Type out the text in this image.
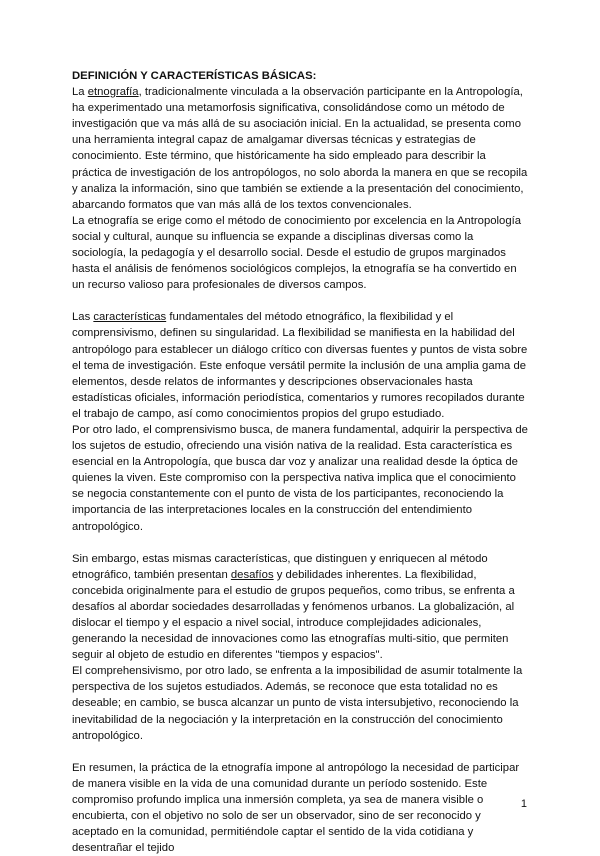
DEFINICIÓN Y CARACTERÍSTICAS BÁSICAS:

La etnografía, tradicionalmente vinculada a la observación participante en la Antropología, ha experimentado una metamorfosis significativa, consolidándose como un método de investigación que va más allá de su asociación inicial. En la actualidad, se presenta como una herramienta integral capaz de amalgamar diversas técnicas y estrategias de conocimiento. Este término, que históricamente ha sido empleado para describir la práctica de investigación de los antropólogos, no solo aborda la manera en que se recopila y analiza la información, sino que también se extiende a la presentación del conocimiento, abarcando formatos que van más allá de los textos convencionales.

La etnografía se erige como el método de conocimiento por excelencia en la Antropología social y cultural, aunque su influencia se expande a disciplinas diversas como la sociología, la pedagogía y el desarrollo social. Desde el estudio de grupos marginados hasta el análisis de fenómenos sociológicos complejos, la etnografía se ha convertido en un recurso valioso para profesionales de diversos campos.

Las características fundamentales del método etnográfico, la flexibilidad y el comprensivismo, definen su singularidad. La flexibilidad se manifiesta en la habilidad del antropólogo para establecer un diálogo crítico con diversas fuentes y puntos de vista sobre el tema de investigación. Este enfoque versátil permite la inclusión de una amplia gama de elementos, desde relatos de informantes y descripciones observacionales hasta estadísticas oficiales, información periodística, comentarios y rumores recopilados durante el trabajo de campo, así como conocimientos propios del grupo estudiado.

Por otro lado, el comprensivismo busca, de manera fundamental, adquirir la perspectiva de los sujetos de estudio, ofreciendo una visión nativa de la realidad. Esta característica es esencial en la Antropología, que busca dar voz y analizar una realidad desde la óptica de quienes la viven. Este compromiso con la perspectiva nativa implica que el conocimiento se negocia constantemente con el punto de vista de los participantes, reconociendo la importancia de las interpretaciones locales en la construcción del entendimiento antropológico.

Sin embargo, estas mismas características, que distinguen y enriquecen al método etnográfico, también presentan desafíos y debilidades inherentes. La flexibilidad, concebida originalmente para el estudio de grupos pequeños, como tribus, se enfrenta a desafíos al abordar sociedades desarrolladas y fenómenos urbanos. La globalización, al dislocar el tiempo y el espacio a nivel social, introduce complejidades adicionales, generando la necesidad de innovaciones como las etnografías multi-sitio, que permiten seguir al objeto de estudio en diferentes "tiempos y espacios".

El comprehensivismo, por otro lado, se enfrenta a la imposibilidad de asumir totalmente la perspectiva de los sujetos estudiados. Además, se reconoce que esta totalidad no es deseable; en cambio, se busca alcanzar un punto de vista intersubjetivo, reconociendo la inevitabilidad de la negociación y la interpretación en la construcción del conocimiento antropológico.

En resumen, la práctica de la etnografía impone al antropólogo la necesidad de participar de manera visible en la vida de una comunidad durante un período sostenido. Este compromiso profundo implica una inmersión completa, ya sea de manera visible o encubierta, con el objetivo no solo de ser un observador, sino de ser reconocido y aceptado en la comunidad, permitiéndole captar el sentido de la vida cotidiana y desentrañar el tejido

1
